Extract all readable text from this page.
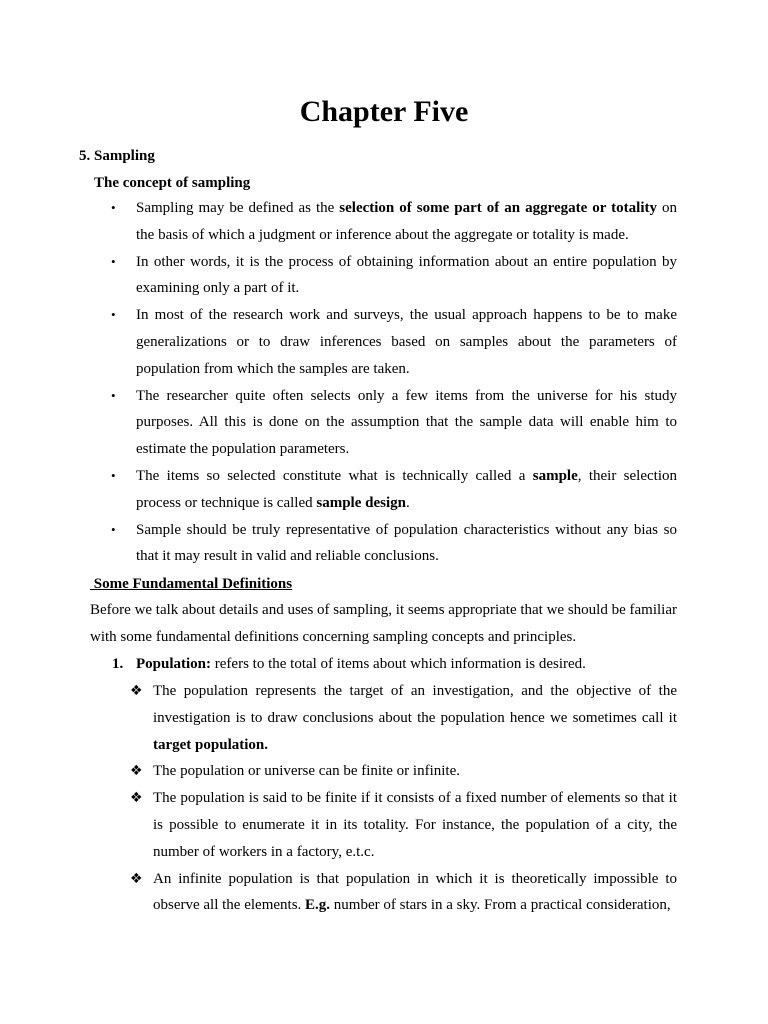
Chapter Five
5. Sampling
The concept of sampling
• Sampling may be defined as the selection of some part of an aggregate or totality on the basis of which a judgment or inference about the aggregate or totality is made.
• In other words, it is the process of obtaining information about an entire population by examining only a part of it.
• In most of the research work and surveys, the usual approach happens to be to make generalizations or to draw inferences based on samples about the parameters of population from which the samples are taken.
• The researcher quite often selects only a few items from the universe for his study purposes. All this is done on the assumption that the sample data will enable him to estimate the population parameters.
• The items so selected constitute what is technically called a sample, their selection process or technique is called sample design.
• Sample should be truly representative of population characteristics without any bias so that it may result in valid and reliable conclusions.
Some Fundamental Definitions

Before we talk about details and uses of sampling, it seems appropriate that we should be familiar with some fundamental definitions concerning sampling concepts and principles.

1. Population: refers to the total of items about which information is desired.
❖ The population represents the target of an investigation, and the objective of the investigation is to draw conclusions about the population hence we sometimes call it target population.
❖ The population or universe can be finite or infinite.
❖ The population is said to be finite if it consists of a fixed number of elements so that it is possible to enumerate it in its totality. For instance, the population of a city, the number of workers in a factory, e.t.c.
❖ An infinite population is that population in which it is theoretically impossible to observe all the elements. E.g. number of stars in a sky. From a practical consideration,
